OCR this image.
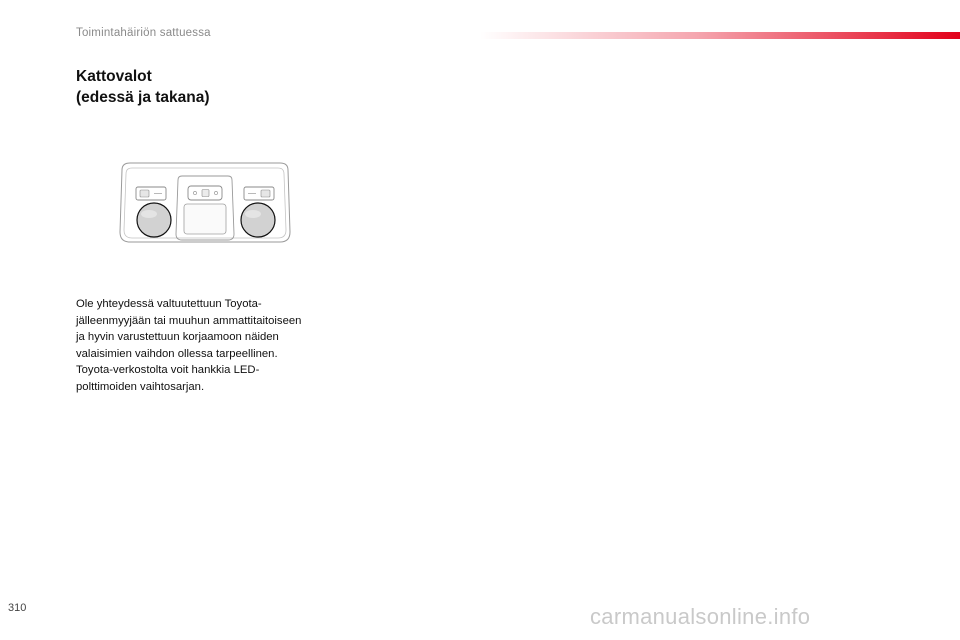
Toimintahäiriön sattuessa
Kattovalot
(edessä ja takana)
Ole yhteydessä valtuutettuun Toyota-
jälleenmyyjään tai muuhun ammattitaitoiseen
ja hyvin varustettuun korjaamoon näiden
valaisimien vaihdon ollessa tarpeellinen.
Toyota-verkostolta voit hankkia LED-
polttimoiden vaihtosarjan.
310	carmanualsonline.info
